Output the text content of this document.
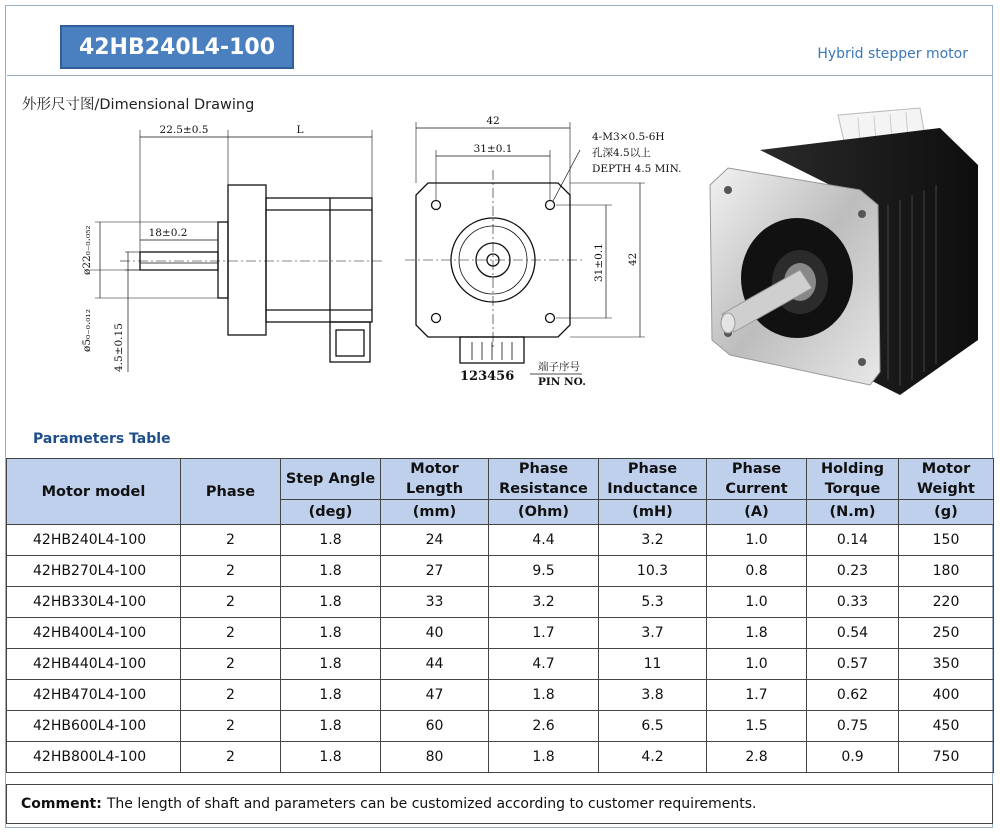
42HB240L4-100	Hybrid stepper motor
外形尺寸图/Dimensional Drawing
22.5±0.5	L
18±0.2
ø22₀₋₀.₀₅₂
ø5₀₋₀.₀₁₂ 4.5±0.15
42
31±0.1
31±0.1 42
4-M3×0.5-6H
孔深4.5以上
DEPTH 4.5 MIN.
123456
端子序号
PIN NO.
Parameters Table
Motor model	Phase	Step Angle	Motor Length	Phase Resistance	Phase Inductance	Phase Current	Holding Torque	Motor Weight
		(deg)	(mm)	(Ohm)	(mH)	(A)	(N.m)	(g)
42HB240L4-100	2	1.8	24	4.4	3.2	1.0	0.14	150
42HB270L4-100	2	1.8	27	9.5	10.3	0.8	0.23	180
42HB330L4-100	2	1.8	33	3.2	5.3	1.0	0.33	220
42HB400L4-100	2	1.8	40	1.7	3.7	1.8	0.54	250
42HB440L4-100	2	1.8	44	4.7	11	1.0	0.57	350
42HB470L4-100	2	1.8	47	1.8	3.8	1.7	0.62	400
42HB600L4-100	2	1.8	60	2.6	6.5	1.5	0.75	450
42HB800L4-100	2	1.8	80	1.8	4.2	2.8	0.9	750
Comment: The length of shaft and parameters can be customized according to customer requirements.
